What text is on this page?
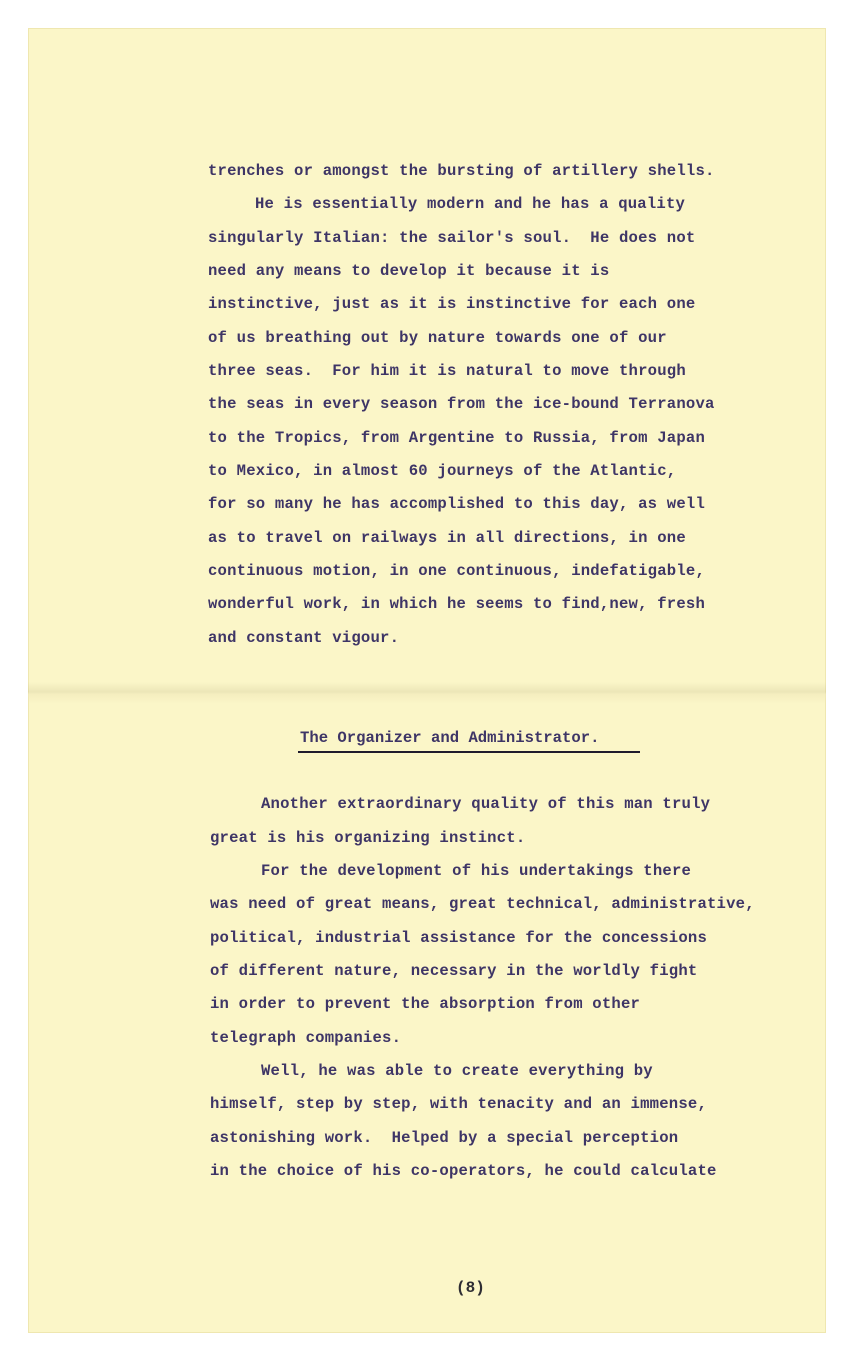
trenches or amongst the bursting of artillery shells.
He is essentially modern and he has a quality
singularly Italian: the sailor's soul.  He does not
need any means to develop it because it is
instinctive, just as it is instinctive for each one
of us breathing out by nature towards one of our
three seas.  For him it is natural to move through
the seas in every season from the ice-bound Terranova
to the Tropics, from Argentine to Russia, from Japan
to Mexico, in almost 60 journeys of the Atlantic,
for so many he has accomplished to this day, as well
as to travel on railways in all directions, in one
continuous motion, in one continuous, indefatigable,
wonderful work, in which he seems to find,new, fresh
and constant vigour.
The Organizer and Administrator.
Another extraordinary quality of this man truly
great is his organizing instinct.
For the development of his undertakings there
was need of great means, great technical, administrative,
political, industrial assistance for the concessions
of different nature, necessary in the worldly fight
in order to prevent the absorption from other
telegraph companies.
Well, he was able to create everything by
himself, step by step, with tenacity and an immense,
astonishing work.  Helped by a special perception
in the choice of his co-operators, he could calculate
(8)
